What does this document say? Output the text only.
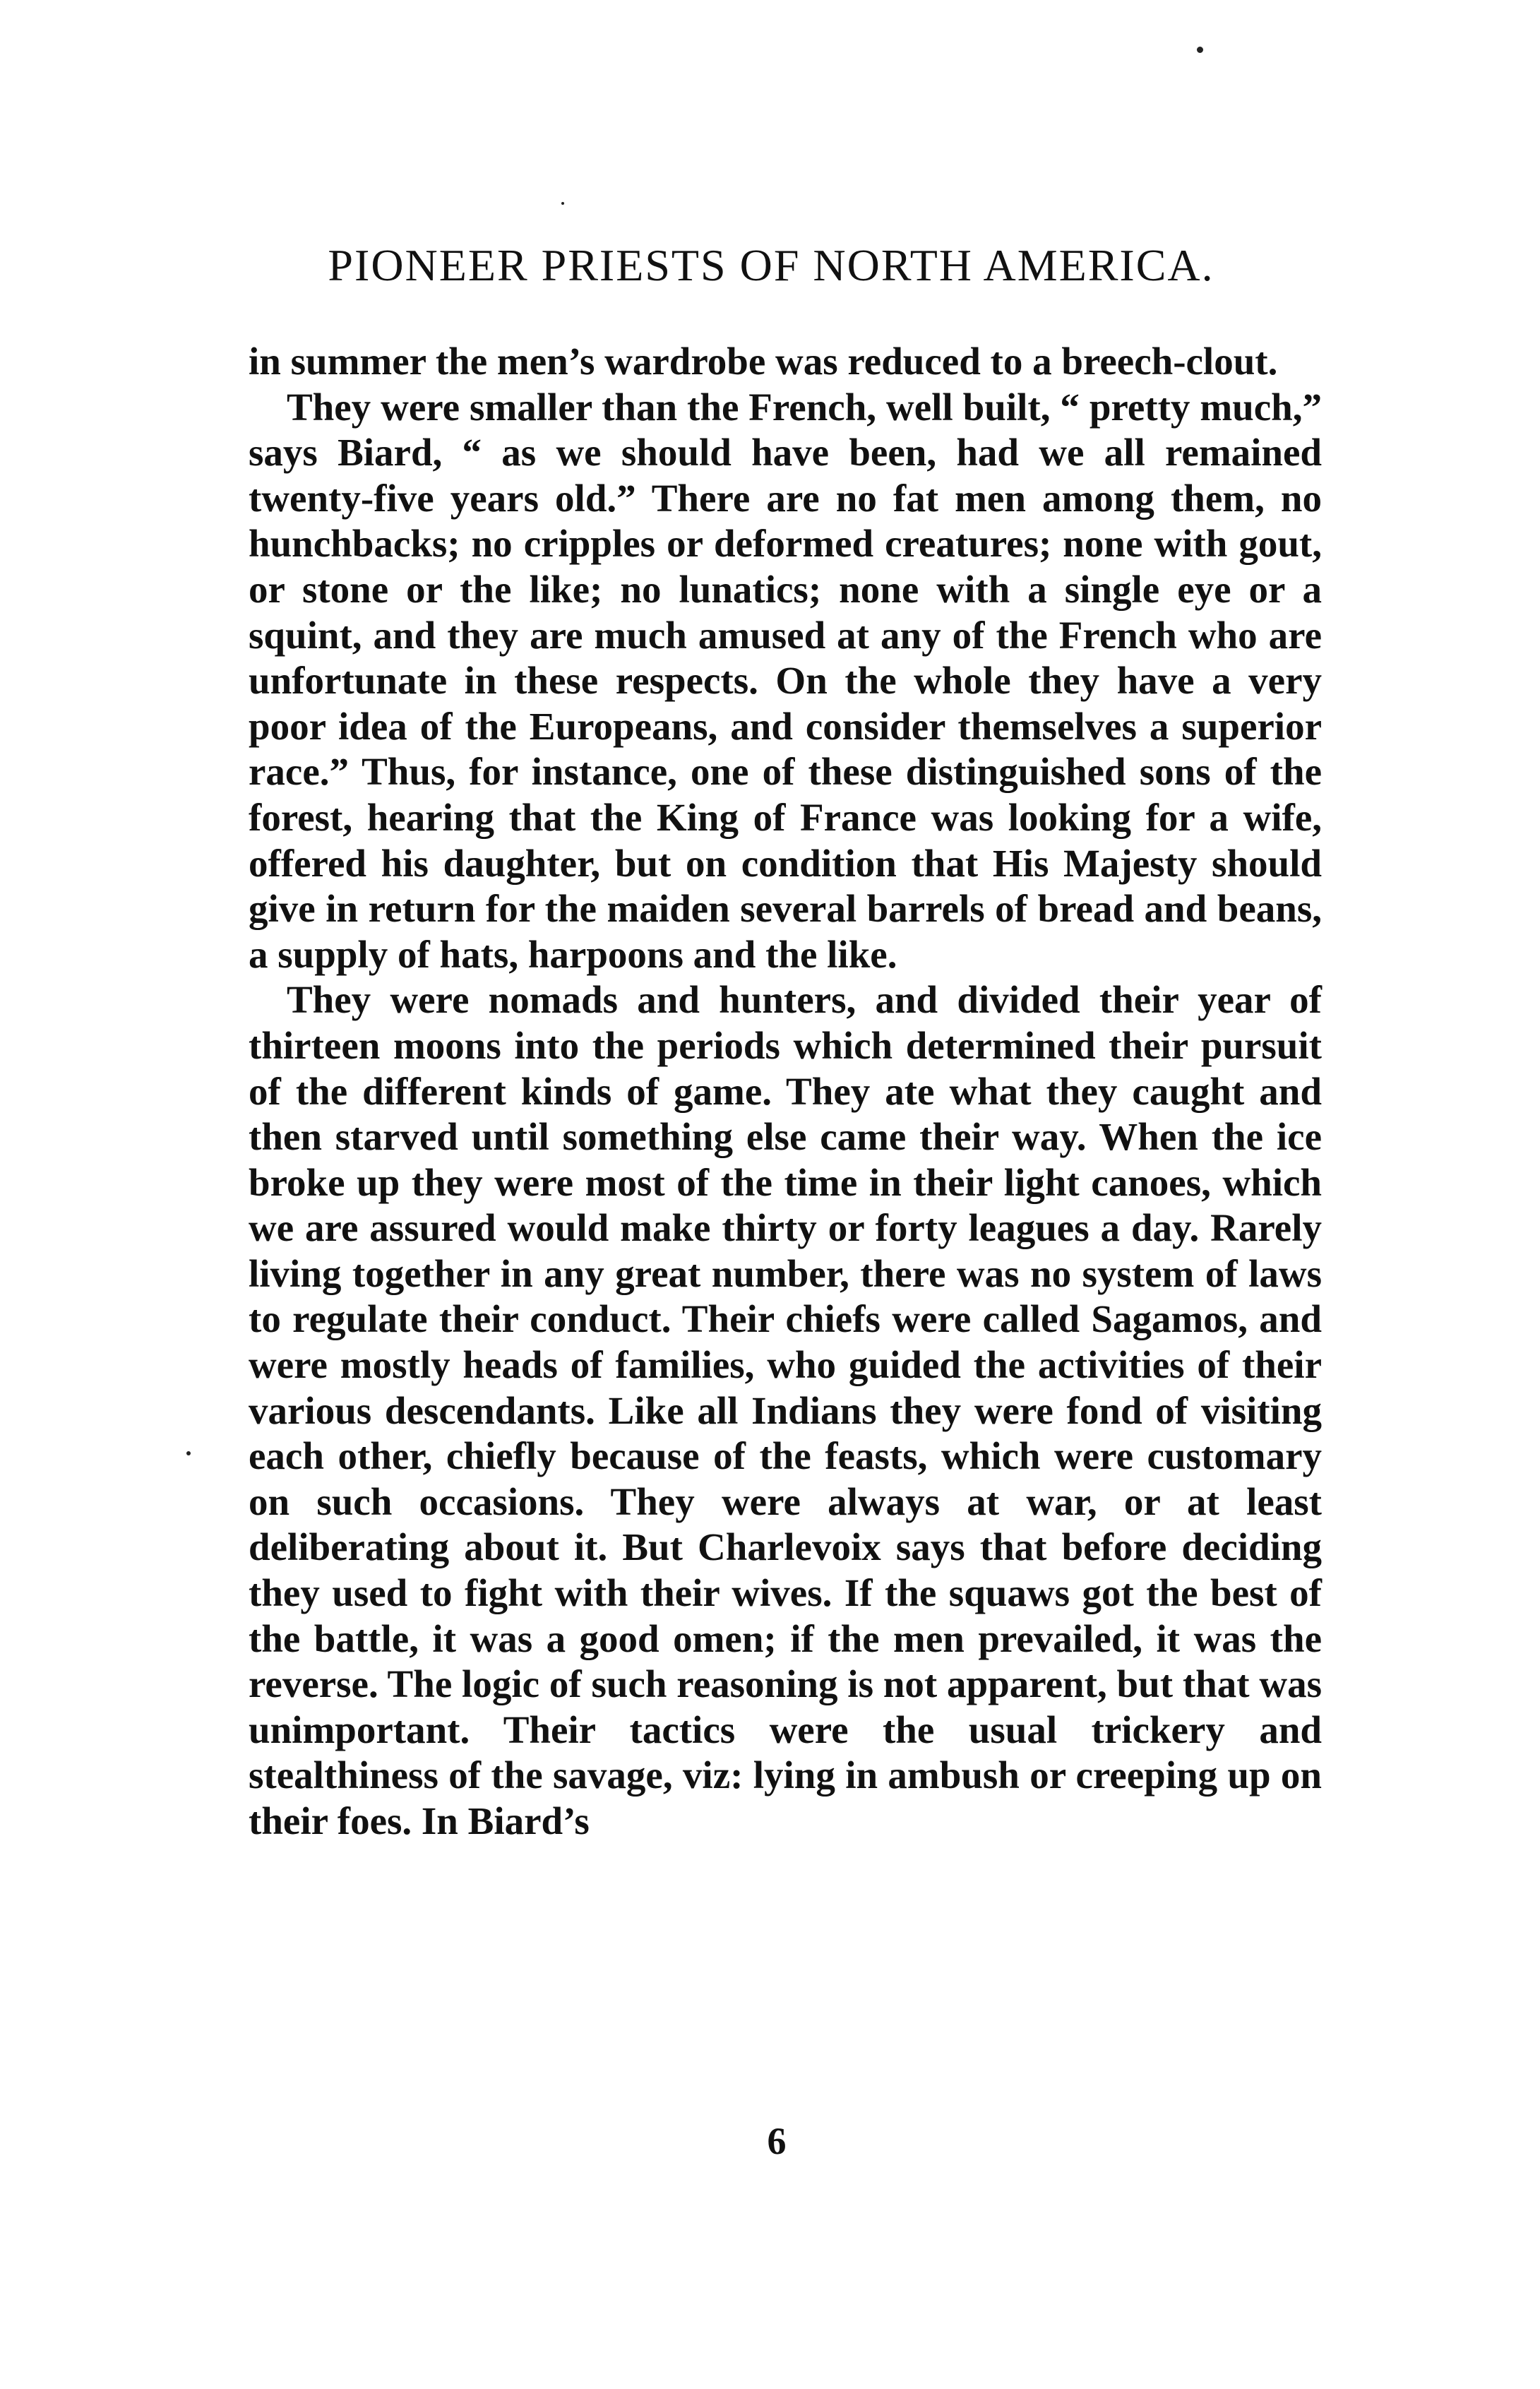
PIONEER PRIESTS OF NORTH AMERICA.

in summer the men’s wardrobe was reduced to a breech-clout.

They were smaller than the French, well built, “ pretty much,” says Biard, “ as we should have been, had we all remained twenty-five years old.” There are no fat men among them, no hunchbacks; no cripples or deformed creatures; none with gout, or stone or the like; no lunatics; none with a single eye or a squint, and they are much amused at any of the French who are unfortunate in these respects. On the whole they have a very poor idea of the Europeans, and consider themselves a superior race.” Thus, for instance, one of these distinguished sons of the forest, hearing that the King of France was looking for a wife, offered his daughter, but on condition that His Majesty should give in return for the maiden several barrels of bread and beans, a supply of hats, harpoons and the like.

They were nomads and hunters, and divided their year of thirteen moons into the periods which determined their pursuit of the different kinds of game. They ate what they caught and then starved until something else came their way. When the ice broke up they were most of the time in their light canoes, which we are assured would make thirty or forty leagues a day. Rarely living together in any great number, there was no system of laws to regulate their conduct. Their chiefs were called Sagamos, and were mostly heads of families, who guided the activities of their various descendants. Like all Indians they were fond of visiting each other, chiefly because of the feasts, which were customary on such occasions. They were always at war, or at least deliberating about it. But Charlevoix says that before deciding they used to fight with their wives. If the squaws got the best of the battle, it was a good omen; if the men prevailed, it was the reverse. The logic of such reasoning is not apparent, but that was unimportant. Their tactics were the usual trickery and stealthiness of the savage, viz: lying in ambush or creeping up on their foes. In Biard’s

6
